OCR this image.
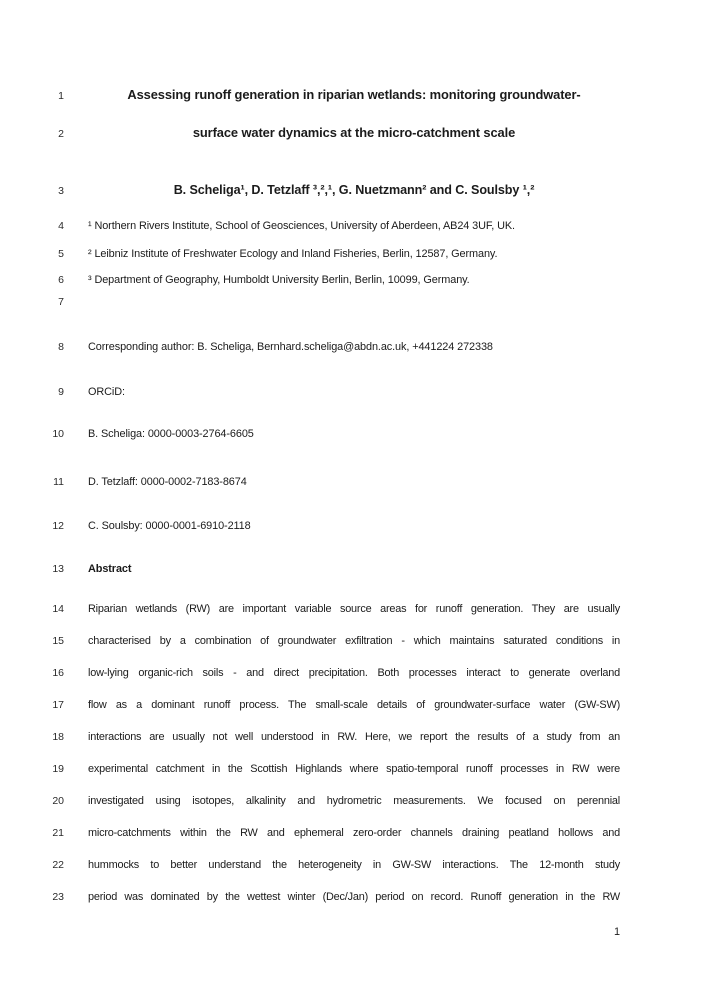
1	Assessing runoff generation in riparian wetlands: monitoring groundwater-
2	surface water dynamics at the micro-catchment scale
3	B. Scheliga¹, D. Tetzlaff ³,²,¹, G. Nuetzmann² and C. Soulsby ¹,²
4 ¹ Northern Rivers Institute, School of Geosciences, University of Aberdeen, AB24 3UF, UK.
5 ² Leibniz Institute of Freshwater Ecology and Inland Fisheries, Berlin, 12587, Germany.
6 ³ Department of Geography, Humboldt University Berlin, Berlin, 10099, Germany.
7
8 Corresponding author: B. Scheliga, Bernhard.scheliga@abdn.ac.uk, +441224 272338
9 ORCiD:
10 B. Scheliga: 0000-0003-2764-6605
11 D. Tetzlaff: 0000-0002-7183-8674
12 C. Soulsby: 0000-0001-6910-2118
13 Abstract
14 Riparian wetlands (RW) are important variable source areas for runoff generation. They are usually
15 characterised by a combination of groundwater exfiltration - which maintains saturated conditions in
16 low-lying organic-rich soils - and direct precipitation. Both processes interact to generate overland
17 flow as a dominant runoff process. The small-scale details of groundwater-surface water (GW-SW)
18 interactions are usually not well understood in RW. Here, we report the results of a study from an
19 experimental catchment in the Scottish Highlands where spatio-temporal runoff processes in RW were
20 investigated using isotopes, alkalinity and hydrometric measurements. We focused on perennial
21 micro-catchments within the RW and ephemeral zero-order channels draining peatland hollows and
22 hummocks to better understand the heterogeneity in GW-SW interactions. The 12-month study
23 period was dominated by the wettest winter (Dec/Jan) period on record. Runoff generation in the RW
1
